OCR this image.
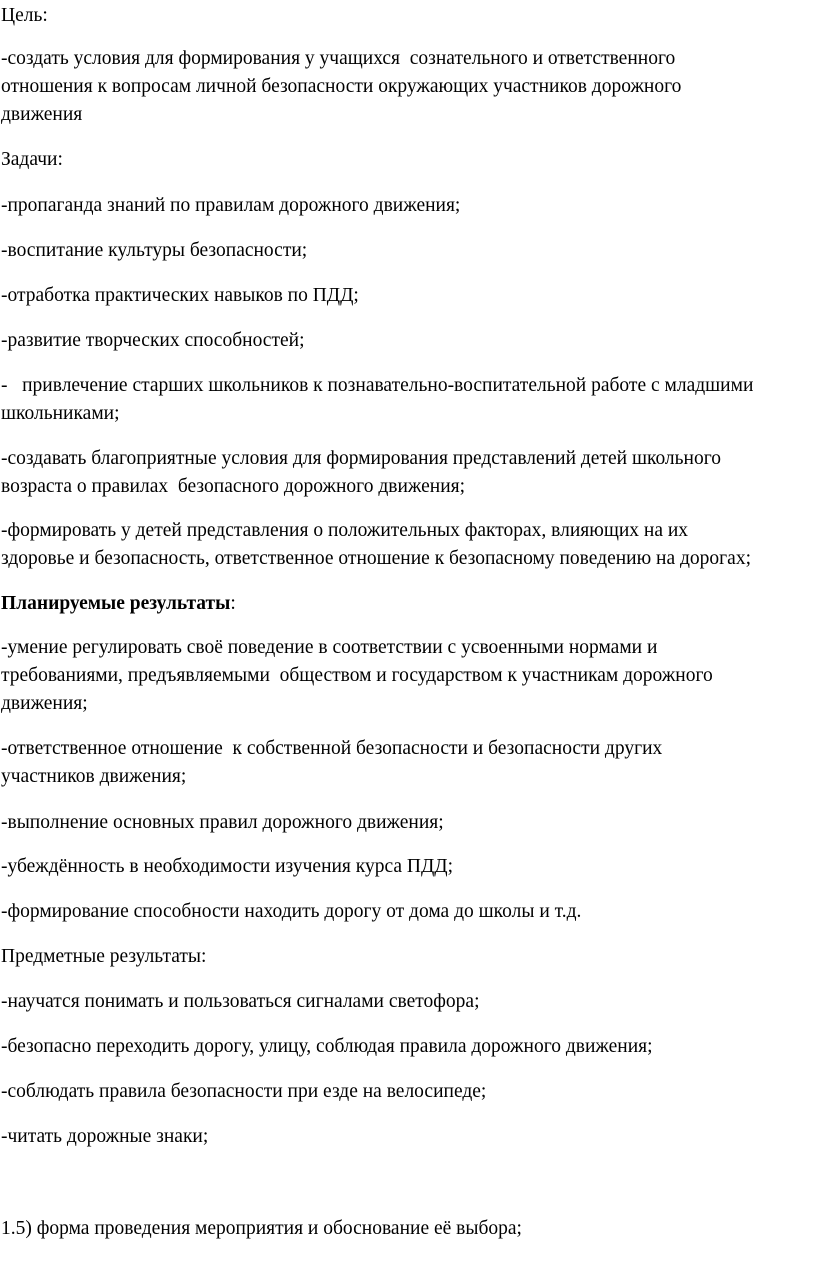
Цель:

-создать условия для формирования у учащихся  сознательного и ответственного
отношения к вопросам личной безопасности окружающих участников дорожного
движения

Задачи:

-пропаганда знаний по правилам дорожного движения;

-воспитание культуры безопасности;

-отработка практических навыков по ПДД;

-развитие творческих способностей;

-   привлечение старших школьников к познавательно-воспитательной работе с младшими
школьниками;

-создавать благоприятные условия для формирования представлений детей школьного
возраста о правилах  безопасного дорожного движения;

-формировать у детей представления о положительных факторах, влияющих на их
здоровье и безопасность, ответственное отношение к безопасному поведению на дорогах;

Планируемые результаты:

-умение регулировать своё поведение в соответствии с усвоенными нормами и
требованиями, предъявляемыми  обществом и государством к участникам дорожного
движения;

-ответственное отношение  к собственной безопасности и безопасности других
участников движения;

-выполнение основных правил дорожного движения;

-убеждённость в необходимости изучения курса ПДД;

-формирование способности находить дорогу от дома до школы и т.д.

Предметные результаты:

-научатся понимать и пользоваться сигналами светофора;

-безопасно переходить дорогу, улицу, соблюдая правила дорожного движения;

-соблюдать правила безопасности при езде на велосипеде;

-читать дорожные знаки;

1.5) форма проведения мероприятия и обоснование её выбора;
